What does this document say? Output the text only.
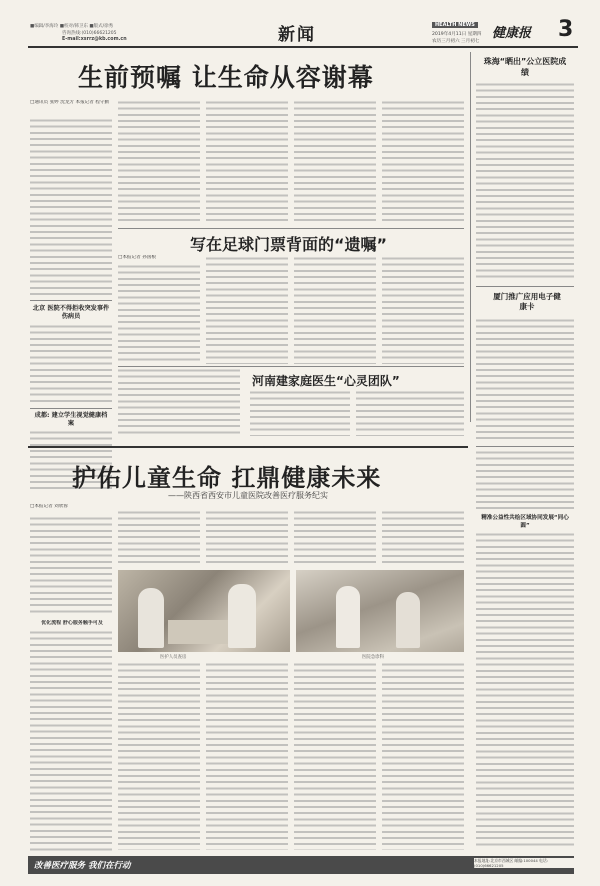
■编辑/李海玲 ■校对/韩卫东 ■版式/徐秀
咨询热线:(010)66621205
E-mail:xsrrz@kb.com.cn	新闻	HEALTH NEWS
2019年4月11日 星期四
农历三月初六 三月初七
健康报 3
生前预嘱 让生命从容谢幕
□通讯员 张婷 沈龙芳 本报记者 程守勤
珠海“晒出”公立医院成绩
北京 医院不得拒收突发事件伤病员
成都: 建立学生视觉健康档案
写在足球门票背面的“遗嘱”
□本报记者 孙国根
河南建家庭医生“心灵团队”
厦门推广应用电子健康卡
护佑儿童生命 扛鼎健康未来
——陕西省西安市儿童医院改善医疗服务纪实
□本报记者 刘欣蓉
优化流程 舒心服务触手可及
医护人员查房	医院急诊科
精准公益性共绘区域协同发展“同心圆”
改善医疗服务 我们在行动
本报地址:北京市西城区 邮编:100044 电话:(010)66621205
